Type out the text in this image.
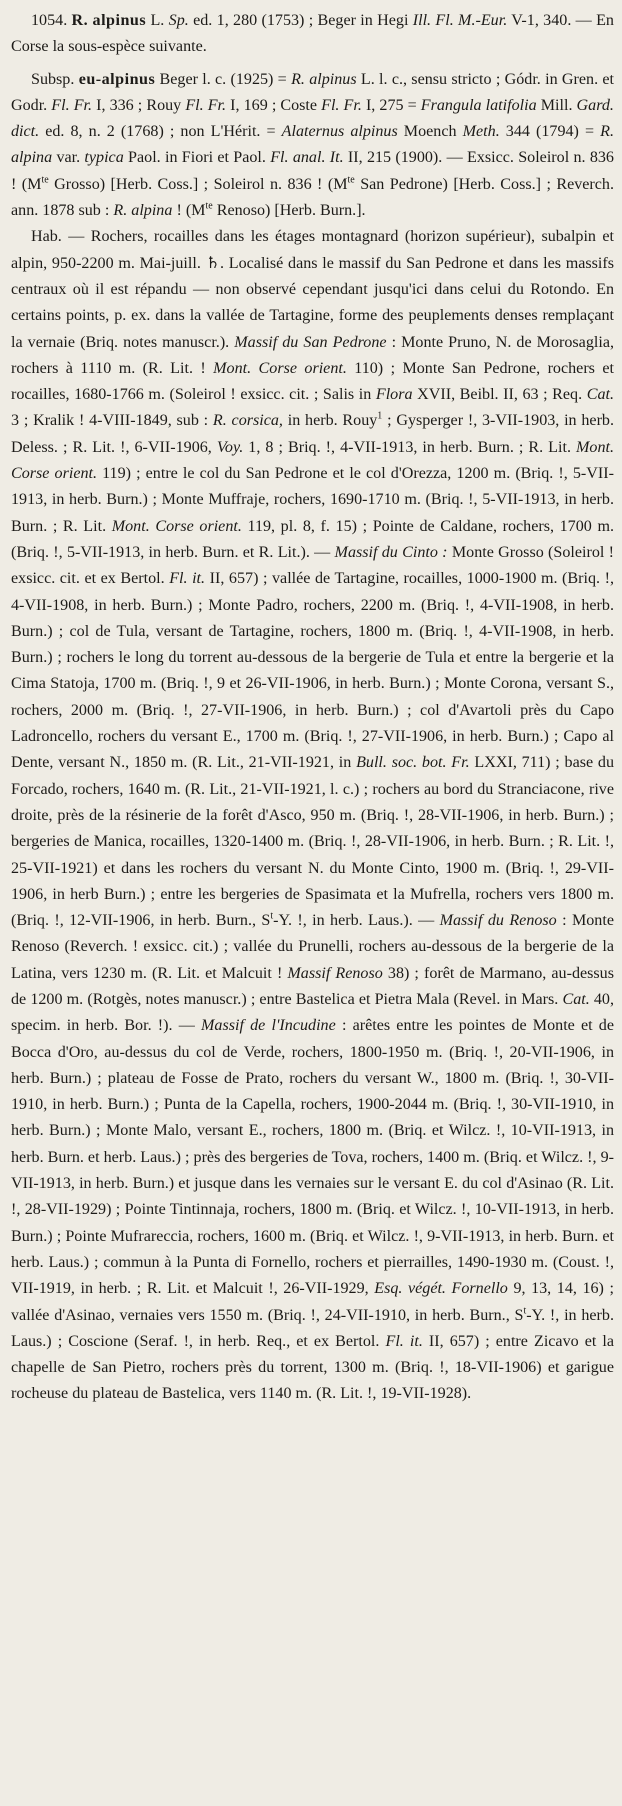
1054. R. alpinus L. Sp. ed. 1, 280 (1753) ; Beger in Hegi Ill. Fl. M.-Eur. V-1, 340. — En Corse la sous-espèce suivante.

Subsp. eu-alpinus Beger l. c. (1925) = R. alpinus L. l. c., sensu stricto ; Gódr. in Gren. et Godr. Fl. Fr. I, 336 ; Rouy Fl. Fr. I, 169 ; Coste Fl. Fr. I, 275 = Frangula latifolia Mill. Gard. dict. ed. 8, n. 2 (1768) ; non L'Hérit. = Alaternus alpinus Moench Meth. 344 (1794) = R. alpina var. typica Paol. in Fiori et Paol. Fl. anal. It. II, 215 (1900). — Exsicc. Soleirol n. 836 ! ($M^{te}$ Grosso) [Herb. Coss.] ; Soleirol n. 836 ! ($M^{te}$ San Pedrone) [Herb. Coss.] ; Reverch. ann. 1878 sub : R. alpina ! ($M^{te}$ Renoso) [Herb. Burn.].

Hab. — Rochers, rocailles dans les étages montagnard (horizon supérieur), subalpin et alpin, 950-2200 m. Mai-juill. ♄. Localisé dans le massif du San Pedrone et dans les massifs centraux où il est répandu — non observé cependant jusqu'ici dans celui du Rotondo. En certains points, p. ex. dans la vallée de Tartagine, forme des peuplements denses remplaçant la vernaie (Briq. notes manuscr.). Massif du San Pedrone : Monte Pruno, N. de Morosaglia, rochers à 1110 m. (R. Lit. ! Mont. Corse orient. 110) ; Monte San Pedrone, rochers et rocailles, 1680-1766 m. (Soleirol ! exsicc. cit. ; Salis in Flora XVII, Beibl. II, 63 ; Req. Cat. 3 ; Kralik ! 4-VIII-1849, sub : R. corsica, in herb. Rouy$^1$ ; Gysperger !, 3-VII-1903, in herb. Deless. ; R. Lit. !, 6-VII-1906, Voy. 1, 8 ; Briq. !, 4-VII-1913, in herb. Burn. ; R. Lit. Mont. Corse orient. 119) ; entre le col du San Pedrone et le col d'Orezza, 1200 m. (Briq. !, 5-VII-1913, in herb. Burn.) ; Monte Muffraje, rochers, 1690-1710 m. (Briq. !, 5-VII-1913, in herb. Burn. ; R. Lit. Mont. Corse orient. 119, pl. 8, f. 15) ; Pointe de Caldane, rochers, 1700 m. (Briq. !, 5-VII-1913, in herb. Burn. et R. Lit.). — Massif du Cinto : Monte Grosso (Soleirol ! exsicc. cit. et ex Bertol. Fl. it. II, 657) ; vallée de Tartagine, rocailles, 1000-1900 m. (Briq. !, 4-VII-1908, in herb. Burn.) ; Monte Padro, rochers, 2200 m. (Briq. !, 4-VII-1908, in herb. Burn.) ; col de Tula, versant de Tartagine, rochers, 1800 m. (Briq. !, 4-VII-1908, in herb. Burn.) ; rochers le long du torrent au-dessous de la bergerie de Tula et entre la bergerie et la Cima Statoja, 1700 m. (Briq. !, 9 et 26-VII-1906, in herb. Burn.) ; Monte Corona, versant S., rochers, 2000 m. (Briq. !, 27-VII-1906, in herb. Burn.) ; col d'Avartoli près du Capo Ladroncello, rochers du versant E., 1700 m. (Briq. !, 27-VII-1906, in herb. Burn.) ; Capo al Dente, versant N., 1850 m. (R. Lit., 21-VII-1921, in Bull. soc. bot. Fr. LXXI, 711) ; base du Forcado, rochers, 1640 m. (R. Lit., 21-VII-1921, l. c.) ; rochers au bord du Stranciacone, rive droite, près de la résinerie de la forêt d'Asco, 950 m. (Briq. !, 28-VII-1906, in herb. Burn.) ; bergeries de Manica, rocailles, 1320-1400 m. (Briq. !, 28-VII-1906, in herb. Burn. ; R. Lit. !, 25-VII-1921) et dans les rochers du versant N. du Monte Cinto, 1900 m. (Briq. !, 29-VII-1906, in herb Burn.) ; entre les bergeries de Spasimata et la Mufrella, rochers vers 1800 m. (Briq. !, 12-VII-1906, in herb. Burn., $S^t-Y$. !, in herb. Laus.). — Massif du Renoso : Monte Renoso (Reverch. ! exsicc. cit.) ; vallée du Prunelli, rochers au-dessous de la bergerie de la Latina, vers 1230 m. (R. Lit. et Malcuit ! Massif Renoso 38) ; forêt de Marmano, au-dessus de 1200 m. (Rotgès, notes manuscr.) ; entre Bastelica et Pietra Mala (Revel. in Mars. Cat. 40, specim. in herb. Bor. !). — Massif de l'Incudine : arêtes entre les pointes de Monte et de Bocca d'Oro, au-dessus du col de Verde, rochers, 1800-1950 m. (Briq. !, 20-VII-1906, in herb. Burn.) ; plateau de Fosse de Prato, rochers du versant W., 1800 m. (Briq. !, 30-VII-1910, in herb. Burn.) ; Punta de la Capella, rochers, 1900-2044 m. (Briq. !, 30-VII-1910, in herb. Burn.) ; Monte Malo, versant E., rochers, 1800 m. (Briq. et Wilcz. !, 10-VII-1913, in herb. Burn. et herb. Laus.) ; près des bergeries de Tova, rochers, 1400 m. (Briq. et Wilcz. !, 9-VII-1913, in herb. Burn.) et jusque dans les vernaies sur le versant E. du col d'Asinao (R. Lit. !, 28-VII-1929) ; Pointe Tintinnaja, rochers, 1800 m. (Briq. et Wilcz. !, 10-VII-1913, in herb. Burn.) ; Pointe Mufrareccia, rochers, 1600 m. (Briq. et Wilcz. !, 9-VII-1913, in herb. Burn. et herb. Laus.) ; commun à la Punta di Fornello, rochers et pierrailles, 1490-1930 m. (Coust. !, VII-1919, in herb. ; R. Lit. et Malcuit !, 26-VII-1929, Esq. végét. Fornello 9, 13, 14, 16) ; vallée d'Asinao, vernaies vers 1550 m. (Briq. !, 24-VII-1910, in herb. Burn., $S^t-Y$. !, in herb. Laus.) ; Coscione (Seraf. !, in herb. Req., et ex Bertol. Fl. it. II, 657) ; entre Zicavo et la chapelle de San Pietro, rochers près du torrent, 1300 m. (Briq. !, 18-VII-1906) et garigue rocheuse du plateau de Bastelica, vers 1140 m. (R. Lit. !, 19-VII-1928).
